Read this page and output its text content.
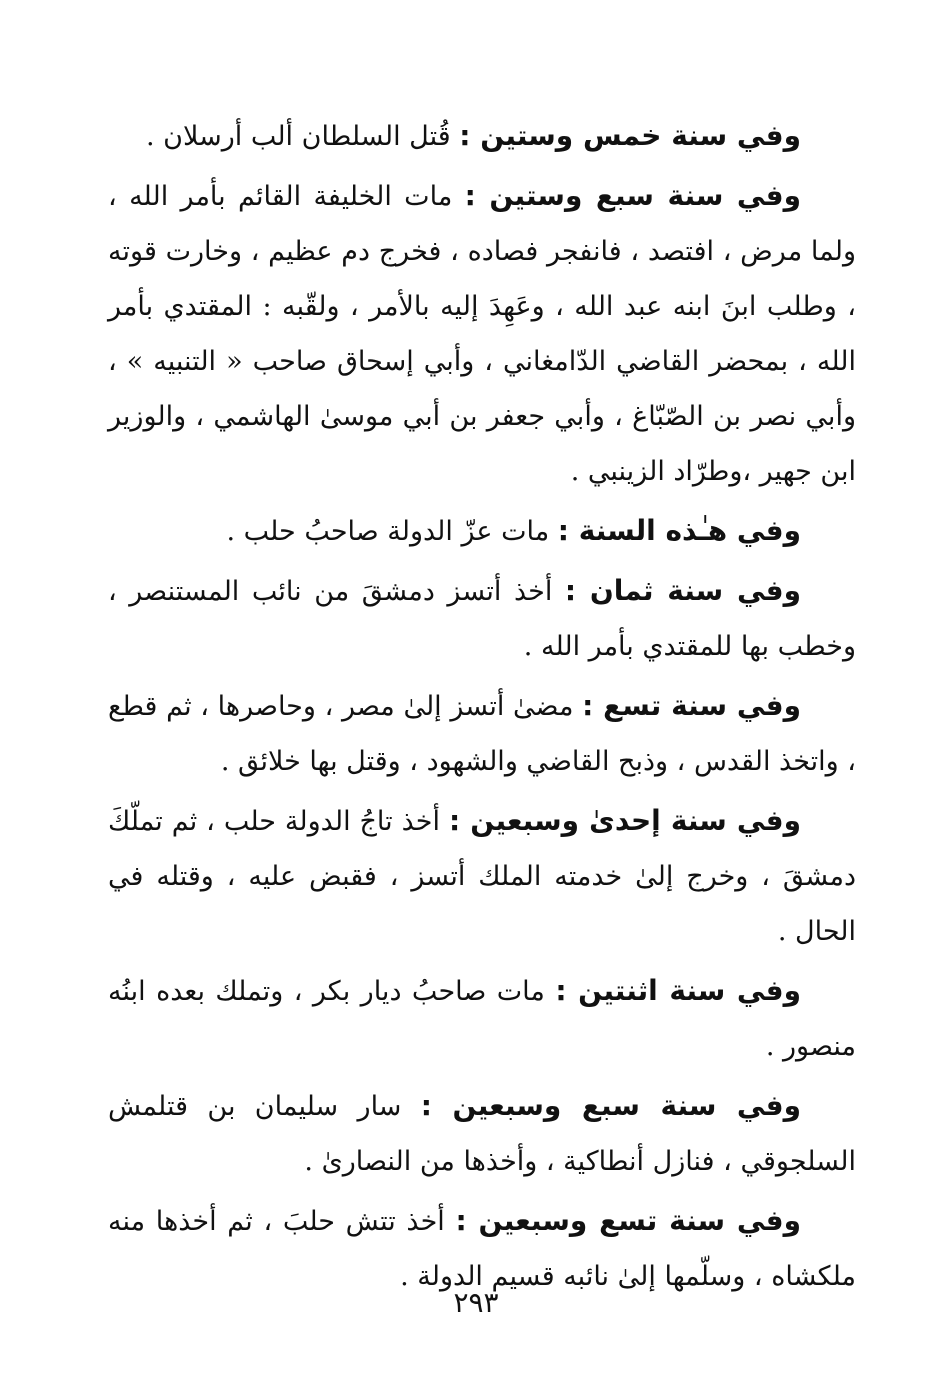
وفي سنة خمس وستين : قُتل السلطان ألب أرسلان .

وفي سنة سبع وستين : مات الخليفة القائم بأمر الله ، ولما مرض ، افتصد ، فانفجر فصاده ، فخرج دم عظيم ، وخارت قوته ، وطلب ابنَ ابنه عبد الله ، وعَهِدَ إليه بالأمر ، ولقّبه : المقتدي بأمر الله ، بمحضر القاضي الدّامغاني ، وأبي إسحاق صاحب « التنبيه » ، وأبي نصر بن الصّبّاغ ، وأبي جعفر بن أبي موسىٰ الهاشمي ، والوزير ابن جهير ،وطرّاد الزينبي .

وفي هـٰذه السنة : مات عزّ الدولة صاحبُ حلب .

وفي سنة ثمان : أخذ أتسز دمشقَ من نائب المستنصر ، وخطب بها للمقتدي بأمر الله .

وفي سنة تسع : مضىٰ أتسز إلىٰ مصر ، وحاصرها ، ثم قطع ، واتخذ القدس ، وذبح القاضي والشهود ، وقتل بها خلائق .

وفي سنة إحدىٰ وسبعين : أخذ تاجُ الدولة حلب ، ثم تملّكَ دمشقَ ، وخرج إلىٰ خدمته الملك أتسز ، فقبض عليه ، وقتله في الحال .

وفي سنة اثنتين : مات صاحبُ ديار بكر ، وتملك بعده ابنُه منصور .

وفي سنة سبع وسبعين : سار سليمان بن قتلمش السلجوقي ، فنازل أنطاكية ، وأخذها من النصارىٰ .

وفي سنة تسع وسبعين : أخذ تتش حلبَ ، ثم أخذها منه ملكشاه ، وسلّمها إلىٰ نائبه قسيم الدولة .

٢٩٣
